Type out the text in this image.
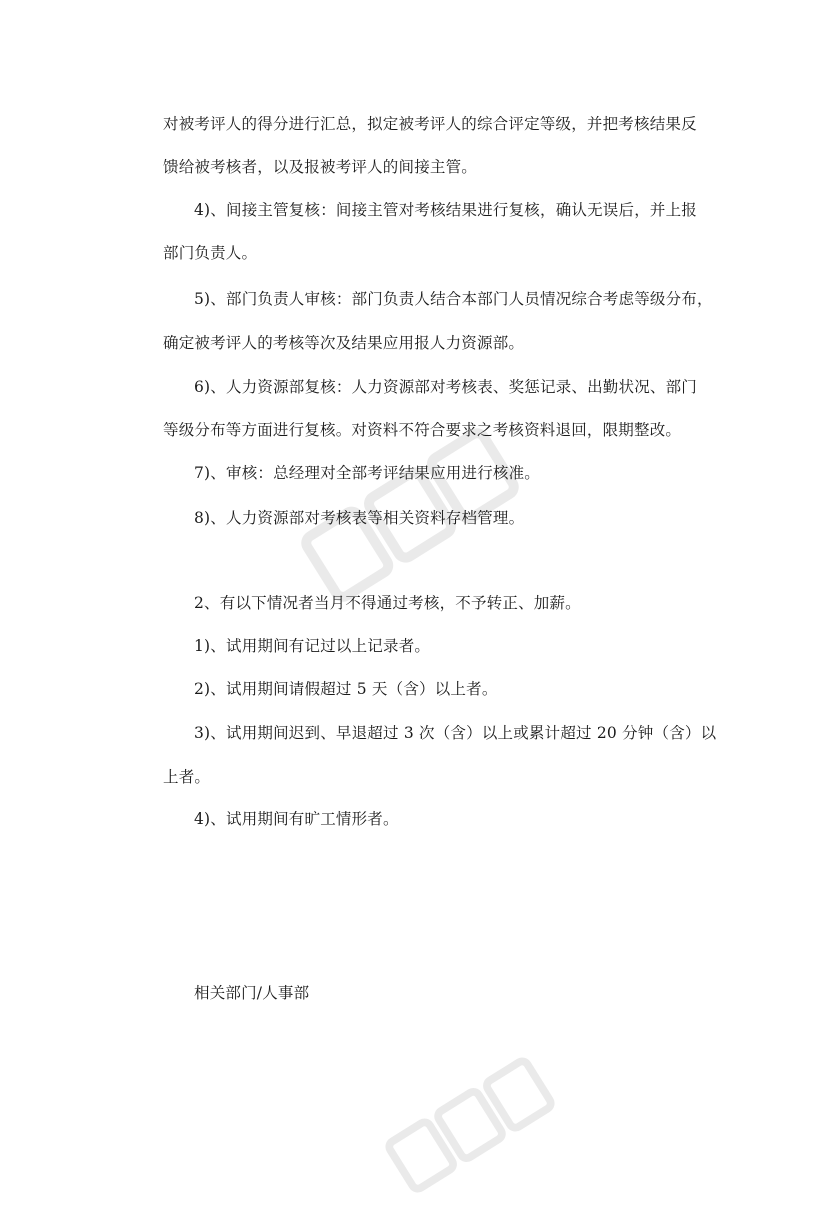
对被考评人的得分进行汇总，拟定被考评人的综合评定等级，并把考核结果反
馈给被考核者，以及报被考评人的间接主管。
4)、间接主管复核：间接主管对考核结果进行复核，确认无误后，并上报
部门负责人。
5)、部门负责人审核：部门负责人结合本部门人员情况综合考虑等级分布，
确定被考评人的考核等次及结果应用报人力资源部。
6)、人力资源部复核：人力资源部对考核表、奖惩记录、出勤状况、部门
等级分布等方面进行复核。对资料不符合要求之考核资料退回，限期整改。
7)、审核：总经理对全部考评结果应用进行核准。
8)、人力资源部对考核表等相关资料存档管理。
2、有以下情况者当月不得通过考核，不予转正、加薪。
1)、试用期间有记过以上记录者。
2)、试用期间请假超过 5 天（含）以上者。
3)、试用期间迟到、早退超过 3 次（含）以上或累计超过 20 分钟（含）以
上者。
4)、试用期间有旷工情形者。
相关部门/人事部
